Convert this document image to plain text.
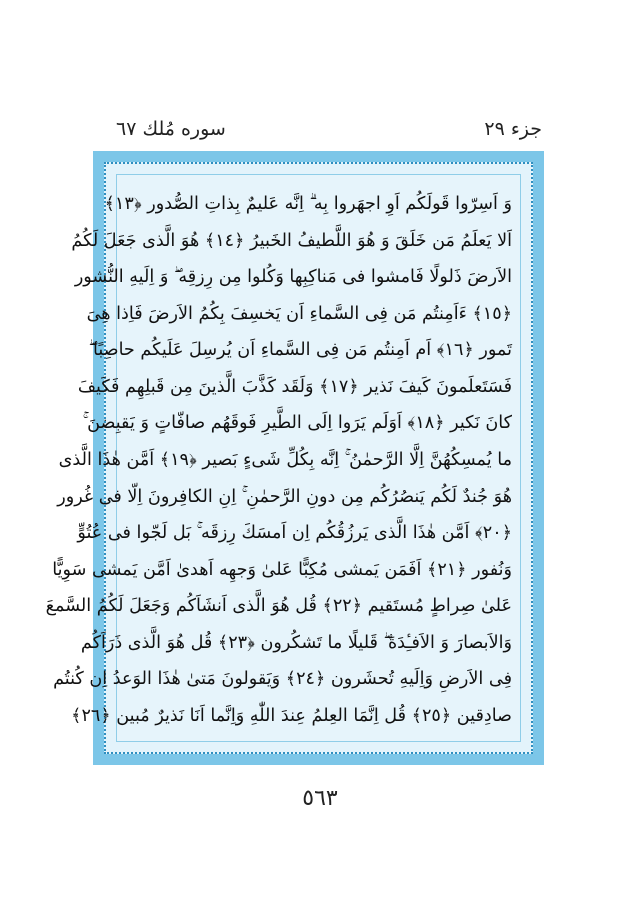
جزء ٢٩
سوره مُلك ٦٧
وَ اَسِرّوا قَولَكُم اَوِ اجهَروا بِه ۗ اِنَّه عَليمٌ بِذاتِ الصُّدور ﴿١٣﴾
اَلا يَعلَمُ مَن خَلَقَ وَ هُوَ اللَّطيفُ الخَبيرُ ﴿١٤﴾ هُوَ الَّذى جَعَلَ لَكُمُ
الاَرضَ ذَلولًا فَامشوا فى مَناكِبِها وَكُلوا مِن رِزقِه ۖ وَ اِلَيهِ النُّشور
﴿١٥﴾ ءَاَمِنتُم مَن فِى السَّماءِ اَن يَخسِفَ بِكُمُ الاَرضَ فَاِذا هِىَ
تَمور ﴿١٦﴾ اَم اَمِنتُم مَن فِى السَّماءِ اَن يُرسِلَ عَلَيكُم حاصِبًا ۖ
فَسَتَعلَمونَ كَيفَ نَذير ﴿١٧﴾ وَلَقَد كَذَّبَ الَّذينَ مِن قَبلِهِم فَكَيفَ
كانَ نَكير ﴿١٨﴾ اَوَلَم يَرَوا اِلَى الطَّيرِ فَوقَهُم صافّاتٍ وَ يَقبِضنَ ۚ
ما يُمسِكُهُنَّ اِلَّا الرَّحمٰنُ ۚ اِنَّه بِكُلِّ شَىءٍ بَصير ﴿١٩﴾ اَمَّن هٰذَا الَّذى
هُوَ جُندٌ لَكُم يَنصُرُكُم مِن دونِ الرَّحمٰنِ ۚ اِنِ الكافِرونَ اِلّا فى غُرور
﴿٢٠﴾ اَمَّن هٰذَا الَّذى يَرزُقُكُم اِن اَمسَكَ رِزقَه ۚ بَل لَجّوا فى عُتُوٍّ
وَنُفور ﴿٢١﴾ اَفَمَن يَمشى مُكِبًّا عَلىٰ وَجهِه اَهدىٰ اَمَّن يَمشى سَوِيًّا
عَلىٰ صِراطٍ مُستَقيم ﴿٢٢﴾ قُل هُوَ الَّذى اَنشَاَكُم وَجَعَلَ لَكُمُ السَّمعَ
وَالاَبصارَ وَ الاَفـِٔدَةَ ۖ قَليلًا ما تَشكُرون ﴿٢٣﴾ قُل هُوَ الَّذى ذَرَاَكُم
فِى الاَرضِ وَاِلَيهِ تُحشَرون ﴿٢٤﴾ وَيَقولونَ مَتىٰ هٰذَا الوَعدُ اِن كُنتُم
صادِقين ﴿٢٥﴾ قُل اِنَّمَا العِلمُ عِندَ اللّٰهِ وَاِنَّما اَنَا نَذيرٌ مُبين ﴿٢٦﴾
٥٦٣
